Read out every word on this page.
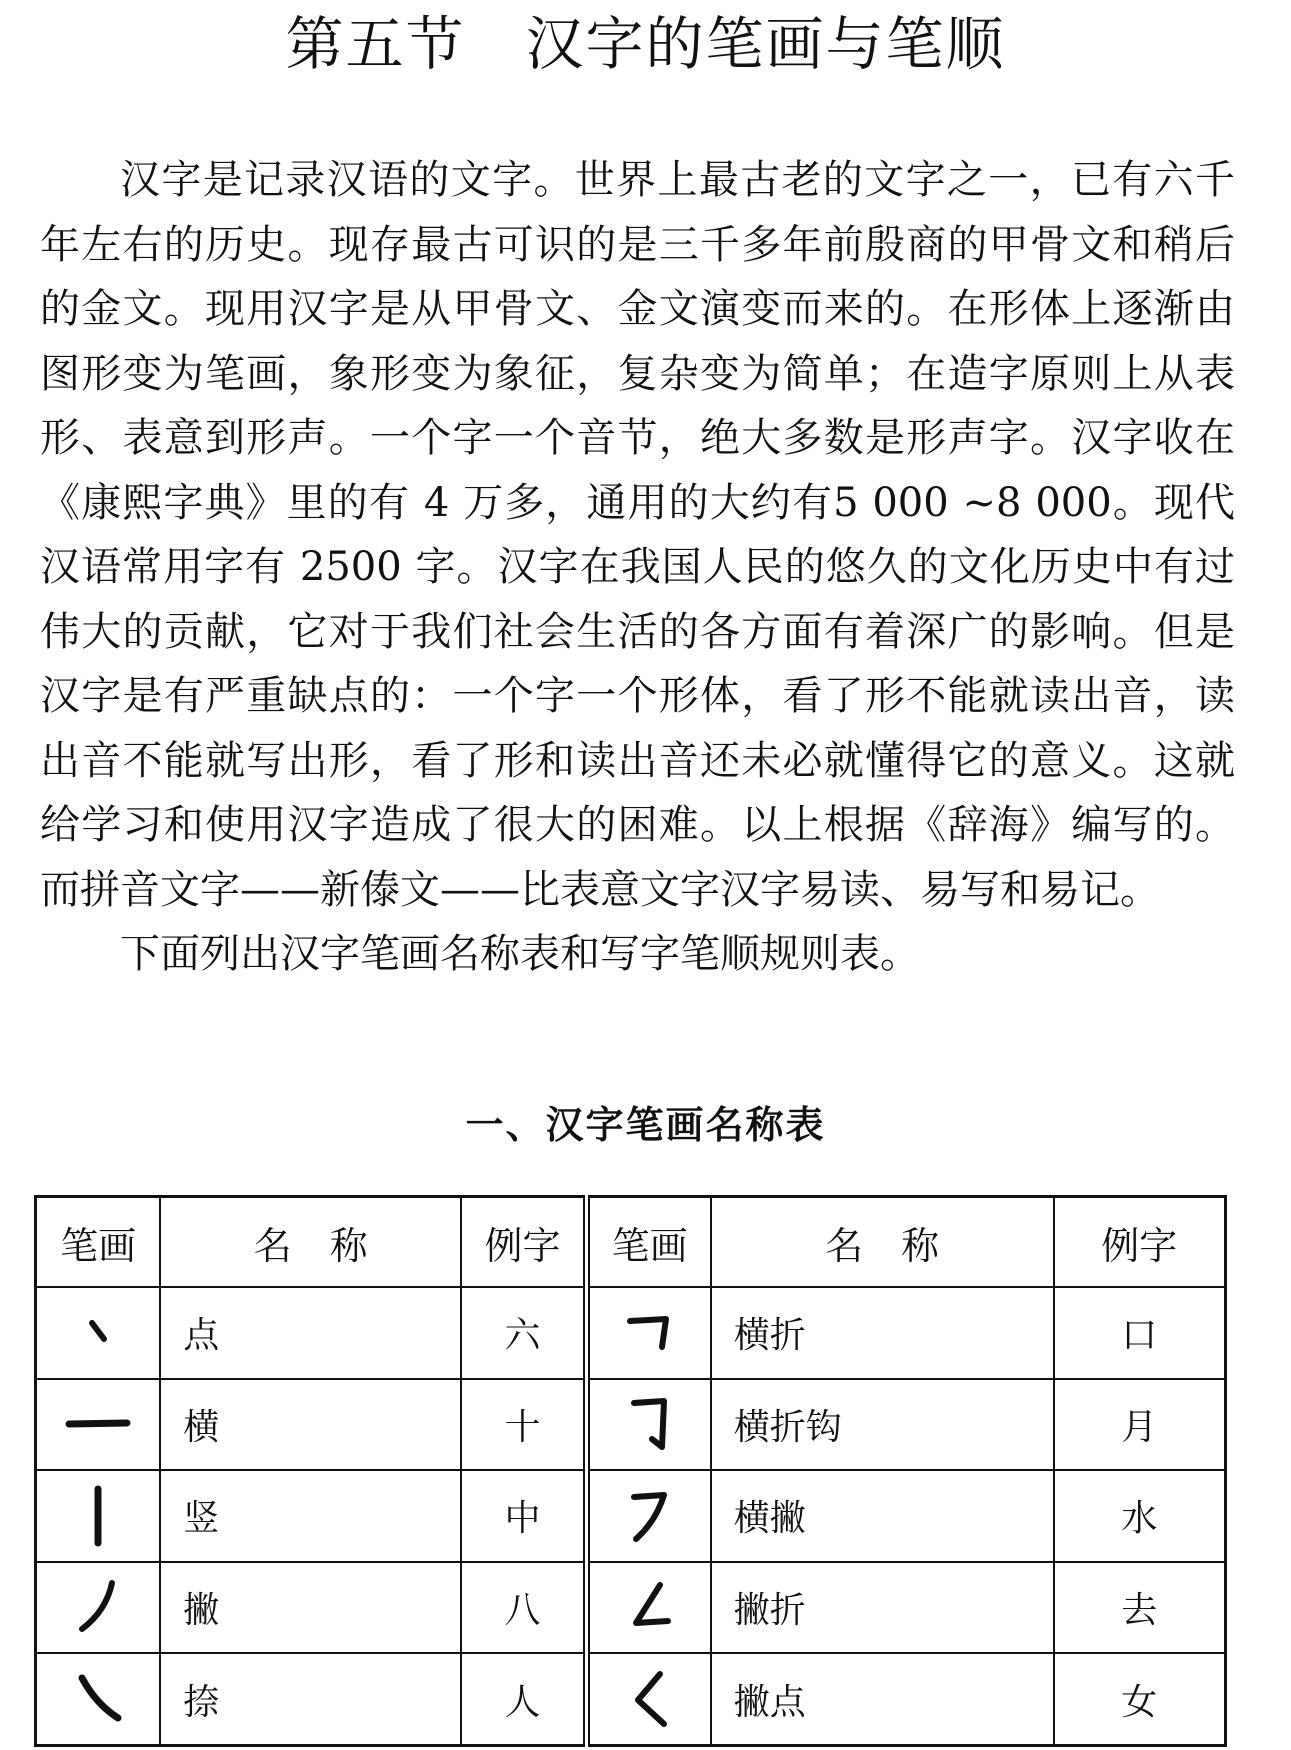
第五节　汉字的笔画与笔顺

汉字是记录汉语的文字。世界上最古老的文字之一，已有六千年左右的历史。现存最古可识的是三千多年前殷商的甲骨文和稍后的金文。现用汉字是从甲骨文、金文演变而来的。在形体上逐渐由图形变为笔画，象形变为象征，复杂变为简单；在造字原则上从表形、表意到形声。一个字一个音节，绝大多数是形声字。汉字收在《康熙字典》里的有 4 万多，通用的大约有5 000 ~8 000。现代汉语常用字有 2500 字。汉字在我国人民的悠久的文化历史中有过伟大的贡献，它对于我们社会生活的各方面有着深广的影响。但是汉字是有严重缺点的：一个字一个形体，看了形不能就读出音，读出音不能就写出形，看了形和读出音还未必就懂得它的意义。这就给学习和使用汉字造成了很大的困难。以上根据《辞海》编写的。而拼音文字——新傣文——比表意文字汉字易读、易写和易记。

下面列出汉字笔画名称表和写字笔顺规则表。

一、汉字笔画名称表
笔画	名　称	例字	笔画	名　称	例字

	点	六		横折	口

	横	十		横折钩	月

	竖	中		横撇	水

	撇	八		撇折	去

	捺	人		撇点	女
